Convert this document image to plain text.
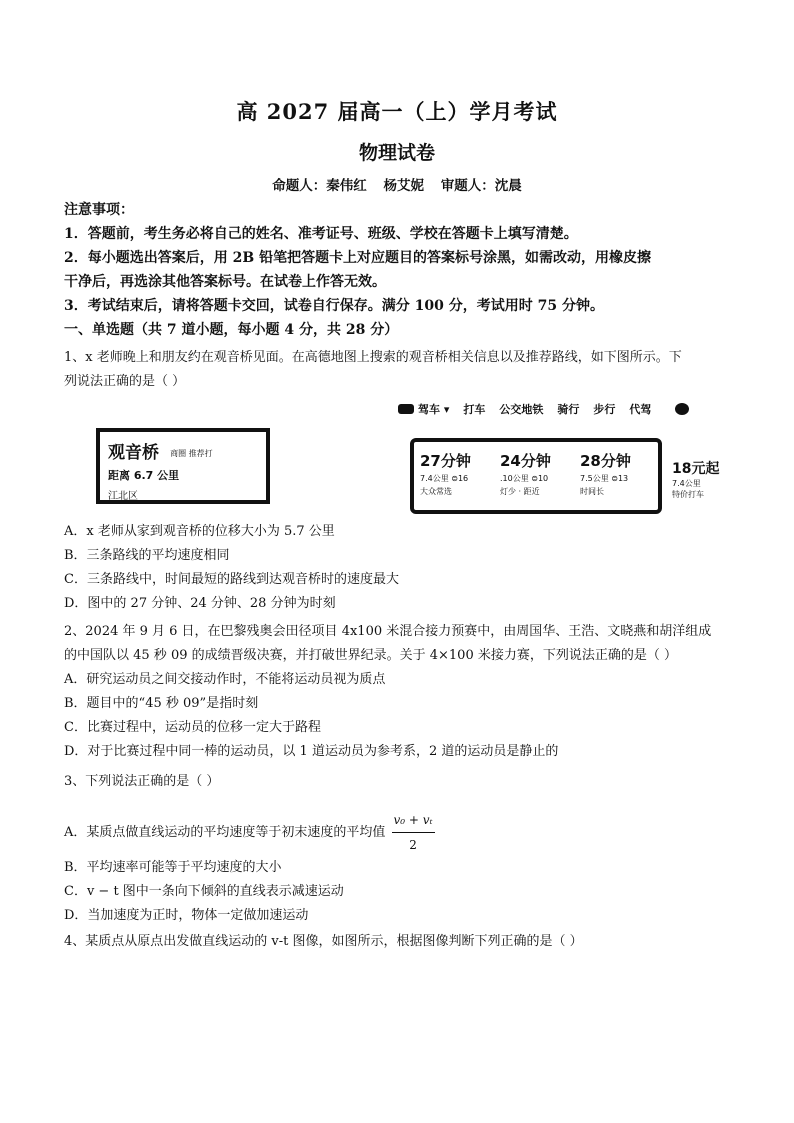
高 2027 届高一（上）学月考试
物理试卷
命题人：秦伟红 杨艾妮 审题人：沈晨
注意事项：
1．答题前，考生务必将自己的姓名、准考证号、班级、学校在答题卡上填写清楚。
2．每小题选出答案后，用 2B 铅笔把答题卡上对应题目的答案标号涂黑，如需改动，用橡皮擦
干净后，再选涂其他答案标号。在试卷上作答无效。
3．考试结束后，请将答题卡交回，试卷自行保存。满分 100 分，考试用时 75 分钟。
一、单选题（共 7 道小题，每小题 4 分，共 28 分）
1、x 老师晚上和朋友约在观音桥见面。在高德地图上搜索的观音桥相关信息以及推荐路线，如下图所示。下
列说法正确的是（ ）
驾车 ▾ 打车 公交地铁 骑行 步行 代驾
观音桥 商圈 推荐打
距离 6.7 公里
江北区
27分钟
7.4公里 ⊜16
大众常选
24分钟
.10公里 ⊜10
灯少 · 距近
28分钟
7.5公里 ⊜13
时间长
18元起
7.4公里
特价打车
A．x 老师从家到观音桥的位移大小为 5.7 公里
B．三条路线的平均速度相同
C．三条路线中，时间最短的路线到达观音桥时的速度最大
D．图中的 27 分钟、24 分钟、28 分钟为时刻
2、2024 年 9 月 6 日，在巴黎残奥会田径项目 4x100 米混合接力预赛中，由周国华、王浩、文晓燕和胡洋组成
的中国队以 45 秒 09 的成绩晋级决赛，并打破世界纪录。关于 4×100 米接力赛，下列说法正确的是（ ）
A．研究运动员之间交接动作时，不能将运动员视为质点
B．题目中的“45 秒 09”是指时刻
C．比赛过程中，运动员的位移一定大于路程
D．对于比赛过程中同一棒的运动员，以 1 道运动员为参考系，2 道的运动员是静止的
3、下列说法正确的是（ ）
A．某质点做直线运动的平均速度等于初末速度的平均值 $\frac{\text{v₀ + vₜ}}{2}$
B．平均速率可能等于平均速度的大小
C．v − t 图中一条向下倾斜的直线表示减速运动
D．当加速度为正时，物体一定做加速运动
4、某质点从原点出发做直线运动的 v-t 图像，如图所示，根据图像判断下列正确的是（ ）
